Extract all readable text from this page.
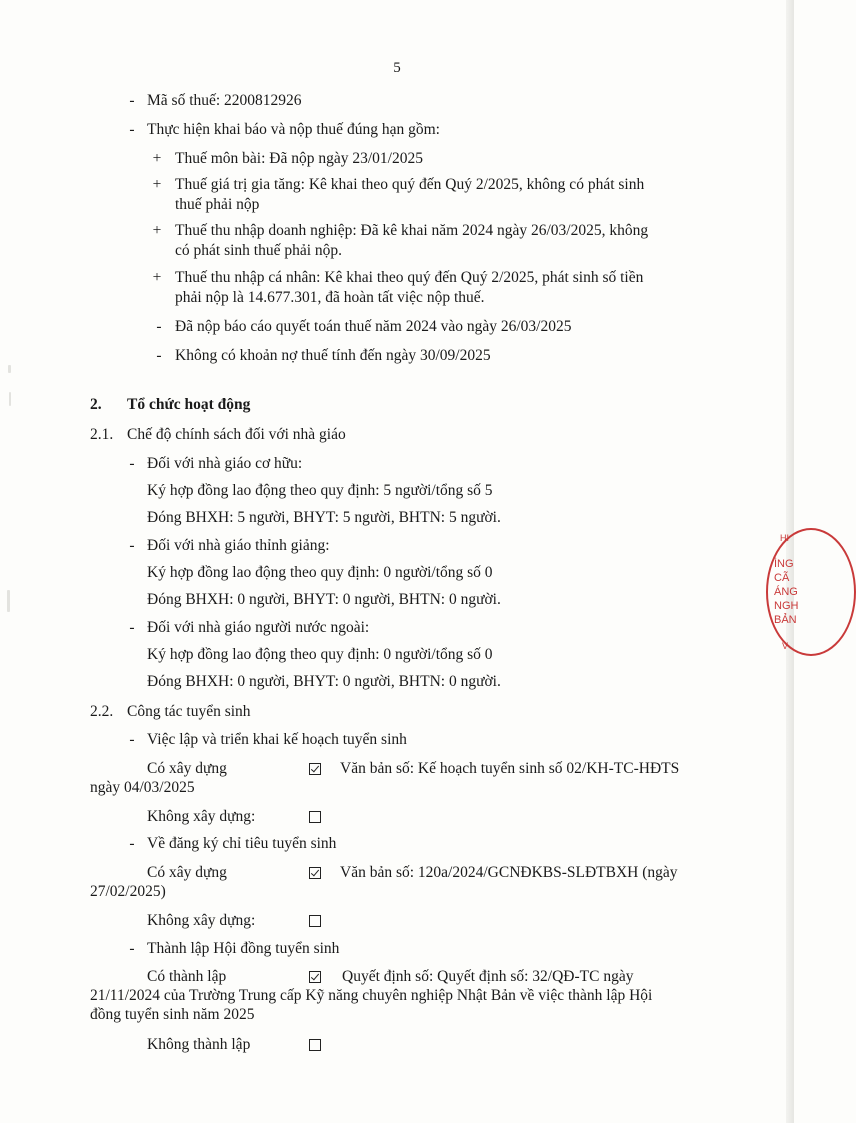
5
- Mã số thuế: 2200812926
- Thực hiện khai báo và nộp thuế đúng hạn gồm:
+ Thuế môn bài: Đã nộp ngày 23/01/2025
+ Thuế giá trị gia tăng: Kê khai theo quý đến Quý 2/2025, không có phát sinh
thuế phải nộp
+ Thuế thu nhập doanh nghiệp: Đã kê khai năm 2024 ngày 26/03/2025, không
có phát sinh thuế phải nộp.
+ Thuế thu nhập cá nhân: Kê khai theo quý đến Quý 2/2025, phát sinh số tiền
phải nộp là 14.677.301, đã hoàn tất việc nộp thuế.
- Đã nộp báo cáo quyết toán thuế năm 2024 vào ngày 26/03/2025
- Không có khoản nợ thuế tính đến ngày 30/09/2025
2. Tổ chức hoạt động
2.1. Chế độ chính sách đối với nhà giáo
- Đối với nhà giáo cơ hữu:
Ký hợp đồng lao động theo quy định: 5 người/tổng số 5
Đóng BHXH: 5 người, BHYT: 5 người, BHTN: 5 người.
- Đối với nhà giáo thỉnh giảng:
Ký hợp đồng lao động theo quy định: 0 người/tổng số 0
Đóng BHXH: 0 người, BHYT: 0 người, BHTN: 0 người.
- Đối với nhà giáo người nước ngoài:
Ký hợp đồng lao động theo quy định: 0 người/tổng số 0
Đóng BHXH: 0 người, BHYT: 0 người, BHTN: 0 người.
2.2. Công tác tuyển sinh
- Việc lập và triển khai kế hoạch tuyển sinh
Có xây dựng	Văn bản số: Kế hoạch tuyển sinh số 02/KH-TC-HĐTS
ngày 04/03/2025
Không xây dựng:
- Về đăng ký chỉ tiêu tuyển sinh
Có xây dựng	Văn bản số: 120a/2024/GCNĐKBS-SLĐTBXH (ngày
27/02/2025)
Không xây dựng:
- Thành lập Hội đồng tuyển sinh
Có thành lập	Quyết định số: Quyết định số: 32/QĐ-TC ngày
21/11/2024 của Trường Trung cấp Kỹ năng chuyên nghiệp Nhật Bản về việc thành lập Hội
đồng tuyển sinh năm 2025
Không thành lập
HI
ÌNG
CÃ
ÁNG
NGH
BẢN
V
